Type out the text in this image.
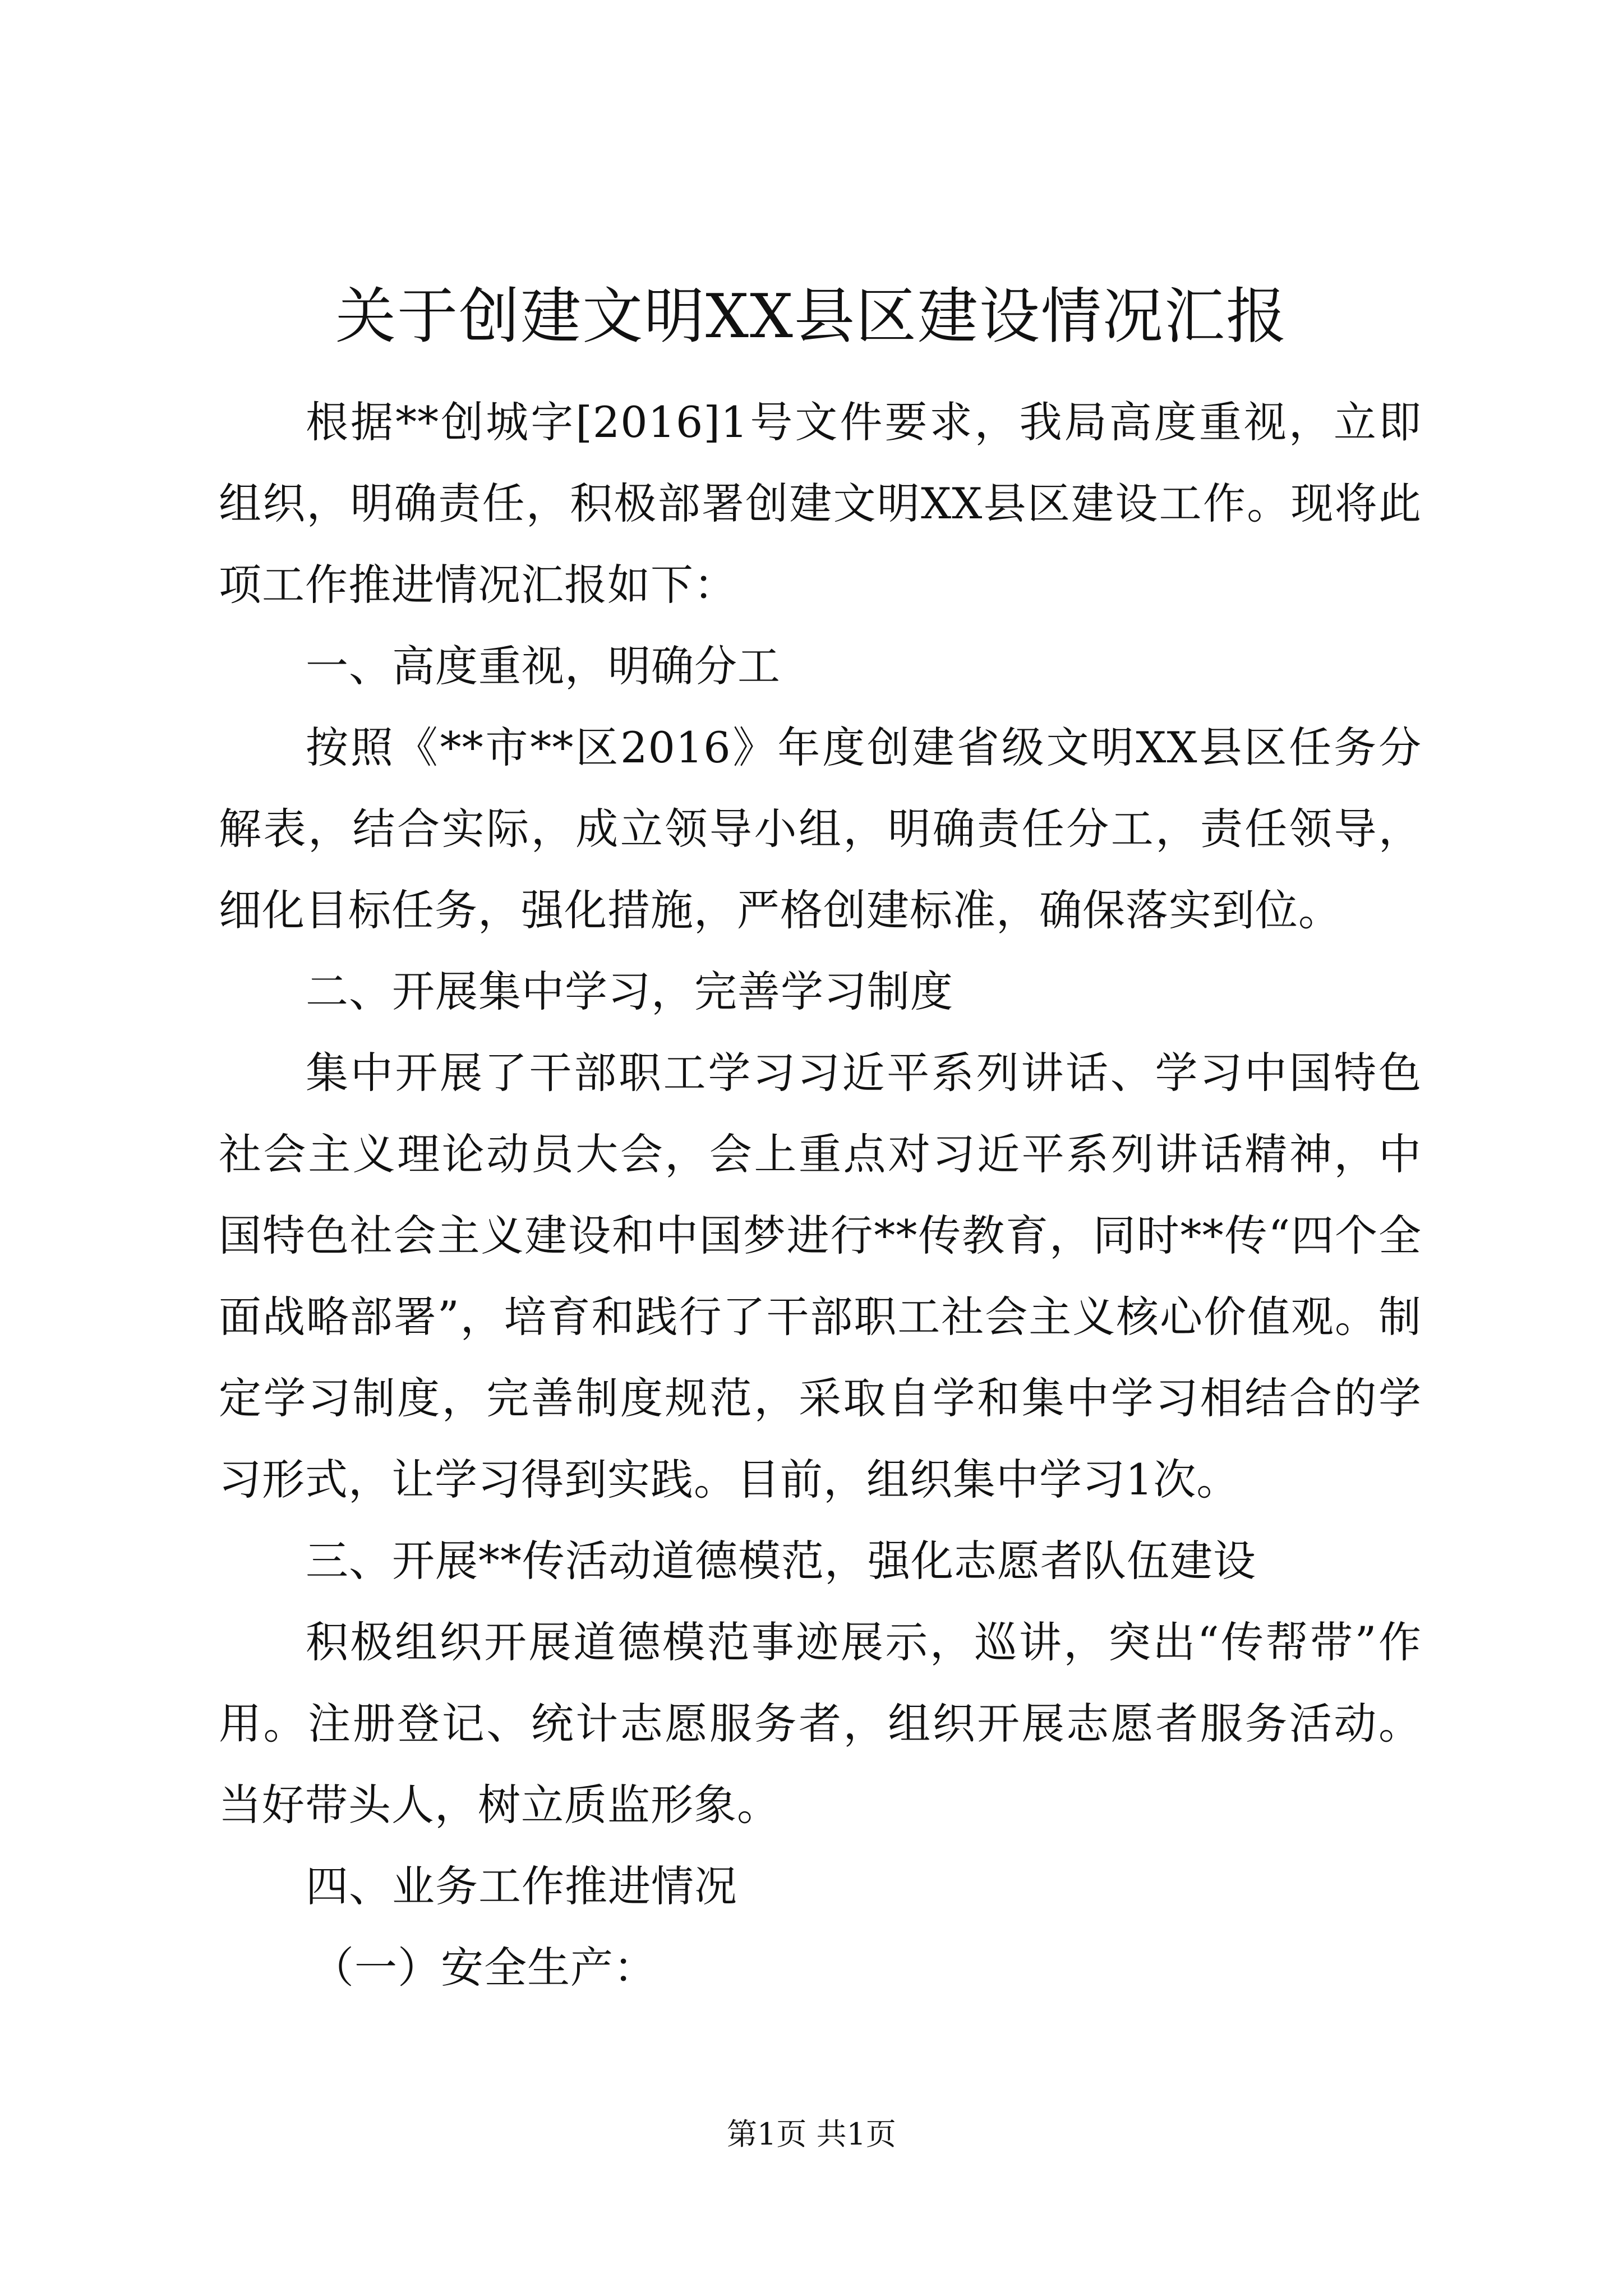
关于创建文明XX县区建设情况汇报

根据**创城字[2016]1号文件要求，我局高度重视，立即组织，明确责任，积极部署创建文明XX县区建设工作。现将此项工作推进情况汇报如下：

一、高度重视，明确分工

按照《**市**区2016》年度创建省级文明XX县区任务分解表，结合实际，成立领导小组，明确责任分工，责任领导，细化目标任务，强化措施，严格创建标准，确保落实到位。

二、开展集中学习，完善学习制度

集中开展了干部职工学习习近平系列讲话、学习中国特色社会主义理论动员大会，会上重点对习近平系列讲话精神，中国特色社会主义建设和中国梦进行**传教育，同时**传“四个全面战略部署”，培育和践行了干部职工社会主义核心价值观。制定学习制度，完善制度规范，采取自学和集中学习相结合的学习形式，让学习得到实践。目前，组织集中学习1次。

三、开展**传活动道德模范，强化志愿者队伍建设

积极组织开展道德模范事迹展示，巡讲，突出“传帮带”作用。注册登记、统计志愿服务者，组织开展志愿者服务活动。当好带头人，树立质监形象。

四、业务工作推进情况

（一）安全生产：

第1页 共1页
